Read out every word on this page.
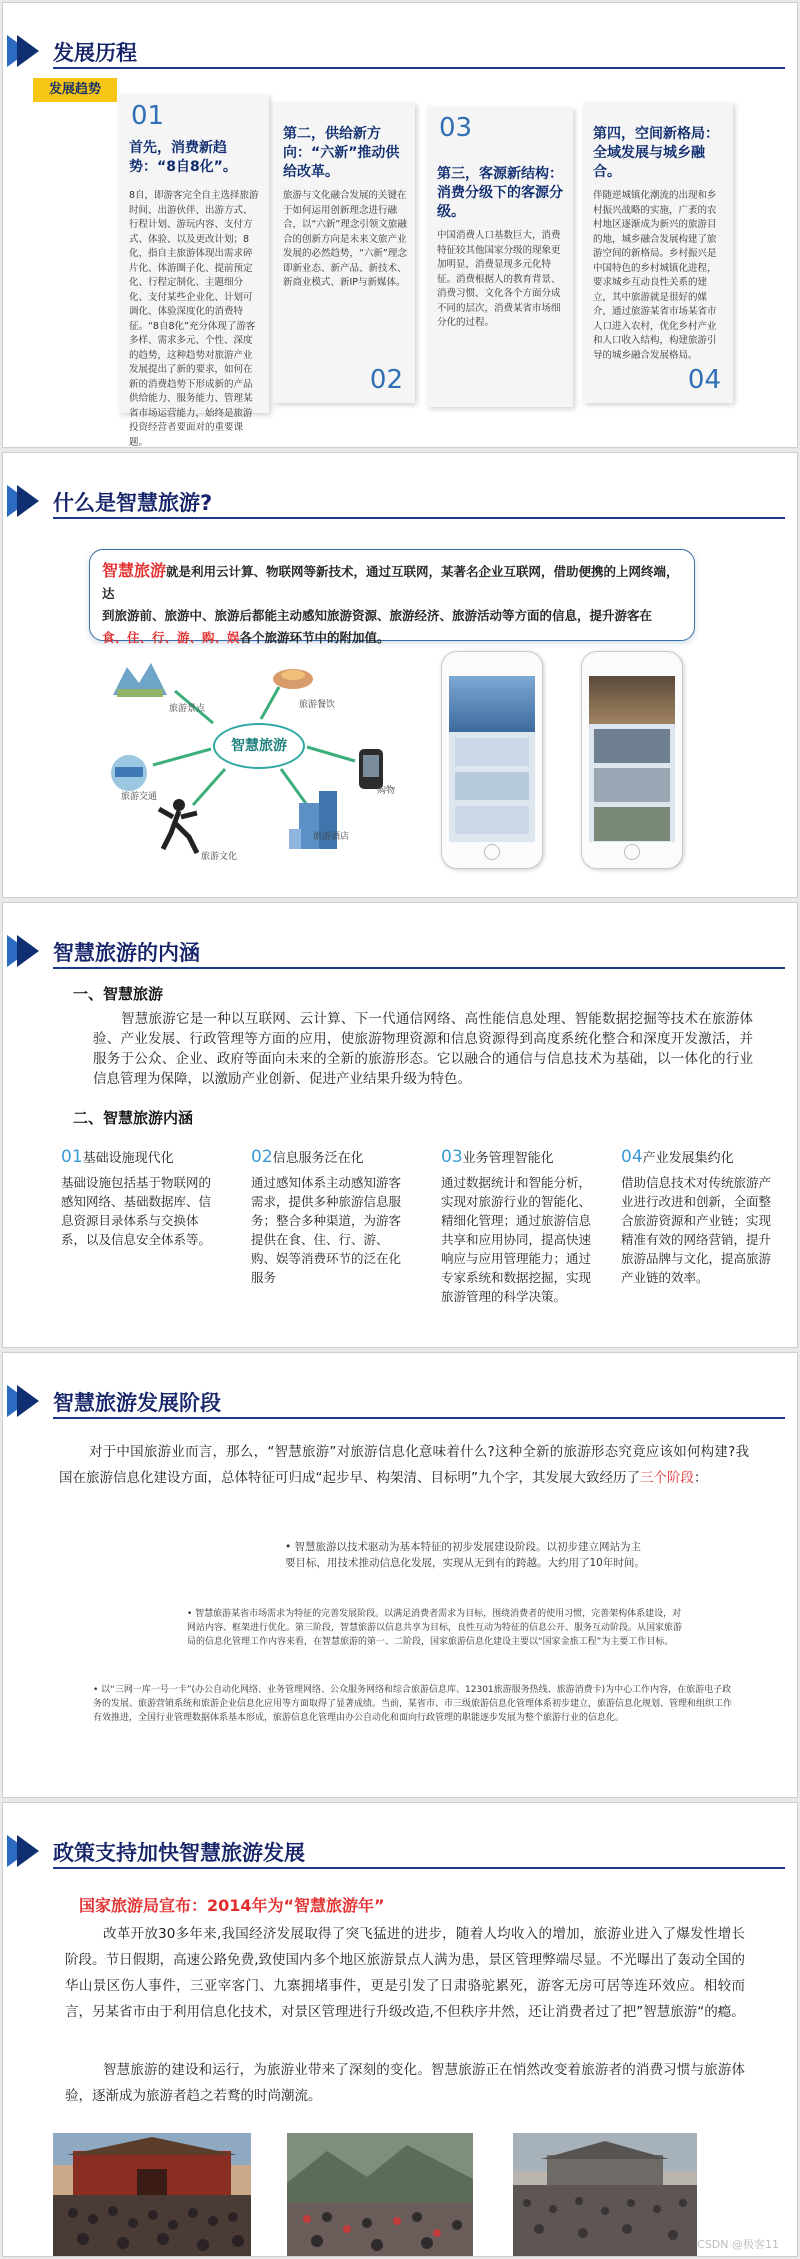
发展历程
发展趋势
01
首先，消费新趋势：“8自8化”。
8自，即游客完全自主选择旅游时间、出游伙伴、出游方式、行程计划、游玩内容、支付方式、体验、以及更改计划；8化，指自主旅游体现出需求碎片化、体游圈子化、提前预定化、行程定制化、主题细分化、支付某些企业化、计划可调化、体验深度化的消费特征。“8自8化”充分体现了游客多样、需求多元、个性、深度的趋势，这种趋势对旅游产业发展提出了新的要求，如何在新的消费趋势下形成新的产品供给能力、服务能力、管理某省市场运营能力，始终是旅游投资经营者要面对的重要课题。
第二，供给新方向：“六新”推动供给改革。
旅游与文化融合发展的关键在于如何运用创新理念进行融合，以“六新”理念引领文旅融合的创新方向是未来文旅产业发展的必然趋势，“六新”理念即新业态、新产品、新技术、新商业模式、新IP与新媒体。
02
03
第三，客源新结构：消费分级下的客源分级。
中国消费人口基数巨大，消费特征较其他国家分级的现象更加明显，消费显现多元化特征。消费根据人的教育背景、消费习惯、文化各个方面分成不同的层次，消费某省市场细分化的过程。
第四，空间新格局：全域发展与城乡融合。
伴随逆城镇化潮流的出现和乡村振兴战略的实施，广袤的农村地区逐渐成为新兴的旅游目的地，城乡融合发展构建了旅游空间的新格局。乡村振兴是中国特色的乡村城镇化进程，要求城乡互动良性关系的建立，其中旅游就是很好的媒介，通过旅游某省市场某省市人口进入农村，优化乡村产业和人口收入结构，构建旅游引导的城乡融合发展格局。
04
什么是智慧旅游?
智慧旅游就是利用云计算、物联网等新技术，通过互联网，某著名企业互联网，借助便携的上网终端，达
到旅游前、旅游中、旅游后都能主动感知旅游资源、旅游经济、旅游活动等方面的信息，提升游客在
食、住、行、游、购、娱各个旅游环节中的附加值。
智慧旅游
旅游景点	旅游餐饮
旅游交通
旅游文化
旅游酒店
购物
智慧旅游的内涵
一、智慧旅游
智慧旅游它是一种以互联网、云计算、下一代通信网络、高性能信息处理、智能数据挖掘等技术在旅游体验、产业发展、行政管理等方面的应用，使旅游物理资源和信息资源得到高度系统化整合和深度开发激活，并服务于公众、企业、政府等面向未来的全新的旅游形态。它以融合的通信与信息技术为基础，以一体化的行业信息管理为保障，以激励产业创新、促进产业结果升级为特色。
二、智慧旅游内涵
01基础设施现代化
基础设施包括基于物联网的感知网络、基础数据库、信息资源目录体系与交换体系，以及信息安全体系等。
02信息服务泛在化
通过感知体系主动感知游客需求，提供多种旅游信息服务；整合多种渠道，为游客提供在食、住、行、游、购、娱等消费环节的泛在化服务
03业务管理智能化
通过数据统计和智能分析，实现对旅游行业的智能化、精细化管理；通过旅游信息共享和应用协同，提高快速响应与应用管理能力；通过专家系统和数据挖掘，实现旅游管理的科学决策。
04产业发展集约化
借助信息技术对传统旅游产业进行改进和创新，全面整合旅游资源和产业链；实现精准有效的网络营销，提升旅游品牌与文化，提高旅游产业链的效率。
智慧旅游发展阶段
对于中国旅游业而言，那么，“智慧旅游”对旅游信息化意味着什么?这种全新的旅游形态究竟应该如何构建?我国在旅游信息化建设方面，总体特征可归成“起步早、构架清、目标明”九个字，其发展大致经历了三个阶段：
• 智慧旅游以技术驱动为基本特征的初步发展建设阶段。以初步建立网站为主要目标，用技术推动信息化发展，实现从无到有的跨越。大约用了10年时间。
• 智慧旅游某省市场需求为特征的完善发展阶段。以满足消费者需求为目标，围绕消费者的使用习惯，完善架构体系建设，对网站内容、框架进行优化。第三阶段，智慧旅游以信息共享为目标，良性互动为特征的信息公开、服务互动阶段。从国家旅游局的信息化管理工作内容来看，在智慧旅游的第一、二阶段，国家旅游信息化建设主要以“国家金旅工程”为主要工作目标。
• 以“三网一库一号一卡”(办公自动化网络、业务管理网络、公众服务网络和综合旅游信息库、12301旅游服务热线、旅游消费卡)为中心工作内容，在旅游电子政务的发展、旅游营销系统和旅游企业信息化应用等方面取得了显著成绩。当前，某省市、市三级旅游信息化管理体系初步建立，旅游信息化规划、管理和组织工作有效推进，全国行业管理数据体系基本形成，旅游信息化管理由办公自动化和面向行政管理的职能逐步发展为整个旅游行业的信息化。
政策支持加快智慧旅游发展
国家旅游局宣布：2014年为“智慧旅游年”
改革开放30多年来,我国经济发展取得了突飞猛进的进步，随着人均收入的增加，旅游业进入了爆发性增长阶段。节日假期，高速公路免费,致使国内多个地区旅游景点人满为患，景区管理弊端尽显。不光曝出了轰动全国的华山景区伤人事件，三亚宰客门、九寨拥堵事件，更是引发了日肃骆驼累死，游客无房可居等连环效应。相较而言，另某省市由于利用信息化技术，对景区管理进行升级改造,不但秩序井然，还让消费者过了把”智慧旅游“的瘾。
智慧旅游的建设和运行，为旅游业带来了深刻的变化。智慧旅游正在悄然改变着旅游者的消费习惯与旅游体验，逐渐成为旅游者趋之若鹜的时尚潮流。
CSDN @极客11
